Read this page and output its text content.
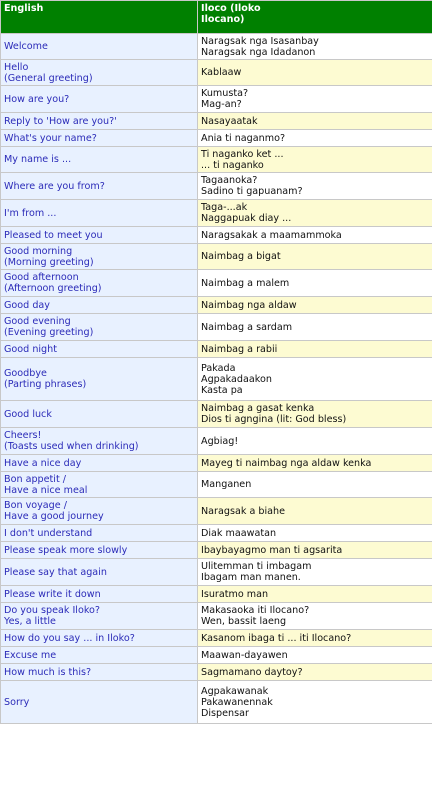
English	Iloco (Iloko
Ilocano)

Welcome	Naragsak nga Isasanbay
Naragsak nga Idadanon

Hello
(General greeting)	Kablaaw

How are you?	Kumusta?
Mag-an?

Reply to 'How are you?'	Nasayaatak

What's your name?	Ania ti naganmo?

My name is ...	Ti naganko ket ...
... ti naganko

Where are you from?	Tagaanoka?
Sadino ti gapuanam?

I'm from ...	Taga-...ak
Naggapuak diay ...

Pleased to meet you	Naragsakak a maamammoka

Good morning
(Morning greeting)	Naimbag a bigat

Good afternoon
(Afternoon greeting)	Naimbag a malem

Good day	Naimbag nga aldaw

Good evening
(Evening greeting)	Naimbag a sardam

Good night	Naimbag a rabii

Goodbye
(Parting phrases)	Pakada
Agpakadaakon
Kasta pa

Good luck	Naimbag a gasat kenka
Dios ti agngina (lit: God bless)

Cheers!
(Toasts used when drinking)	Agbiag!

Have a nice day	Mayeg ti naimbag nga aldaw kenka

Bon appetit /
Have a nice meal	Manganen

Bon voyage /
Have a good journey	Naragsak a biahe

I don't understand	Diak maawatan

Please speak more slowly	Ibaybayagmo man ti agsarita

Please say that again	Ulitemman ti imbagam
Ibagam man manen.

Please write it down	Isuratmo man

Do you speak Iloko?
Yes, a little	Makasaoka iti Ilocano?
Wen, bassit laeng

How do you say ... in Iloko?	Kasanom ibaga ti ... iti Ilocano?

Excuse me	Maawan-dayawen

How much is this?	Sagmamano daytoy?

Sorry	Agpakawanak
Pakawanennak
Dispensar
